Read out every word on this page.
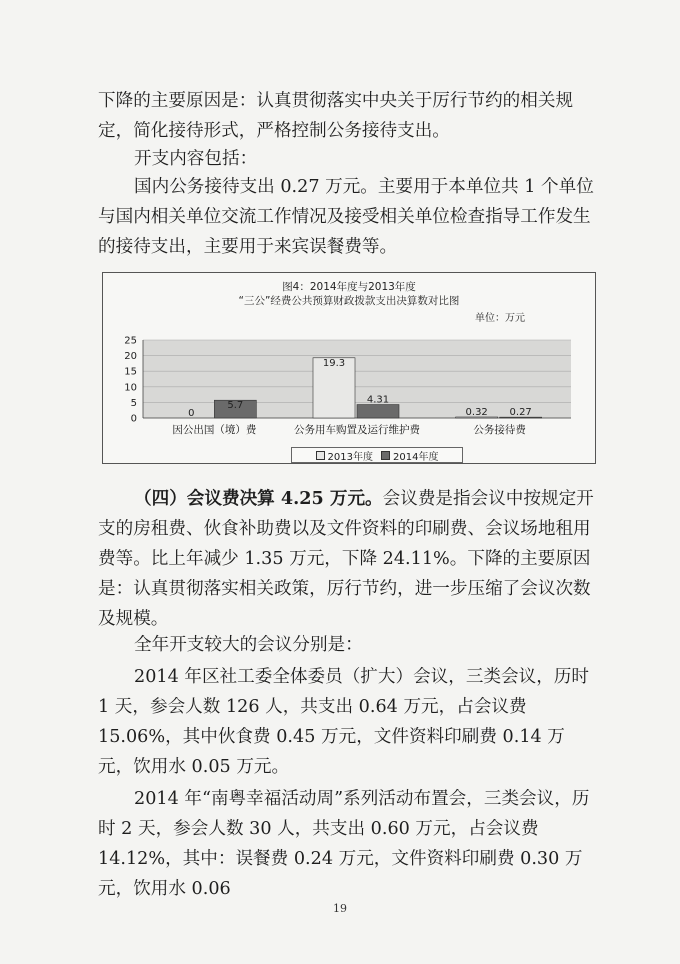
下降的主要原因是：认真贯彻落实中央关于厉行节约的相关规定，简化接待形式，严格控制公务接待支出。

开支内容包括：

国内公务接待支出 0.27 万元。主要用于本单位共 1 个单位与国内相关单位交流工作情况及接受相关单位检查指导工作发生的接待支出，主要用于来宾误餐费等。

图4：2014年度与2013年度

“三公”经费公共预算财政拨款支出决算数对比图

单位：万元
25
20
15
10
5
0	0
5.7
因公出国（境）费
19.3
4.31
公务用车购置及运行维护费
0.32 0.27
公务接待费
2013年度 2014年度

（四）会议费决算 4.25 万元。会议费是指会议中按规定开支的房租费、伙食补助费以及文件资料的印刷费、会议场地租用费等。比上年减少 1.35 万元，下降 24.11%。下降的主要原因是：认真贯彻落实相关政策，厉行节约，进一步压缩了会议次数及规模。

全年开支较大的会议分别是：

2014 年区社工委全体委员（扩大）会议，三类会议，历时 1 天，参会人数 126 人，共支出 0.64 万元，占会议费 15.06%，其中伙食费 0.45 万元，文件资料印刷费 0.14 万元，饮用水 0.05 万元。

2014 年“南粤幸福活动周”系列活动布置会，三类会议，历时 2 天，参会人数 30 人，共支出 0.60 万元，占会议费 14.12%，其中：误餐费 0.24 万元，文件资料印刷费 0.30 万元，饮用水 0.06

19
